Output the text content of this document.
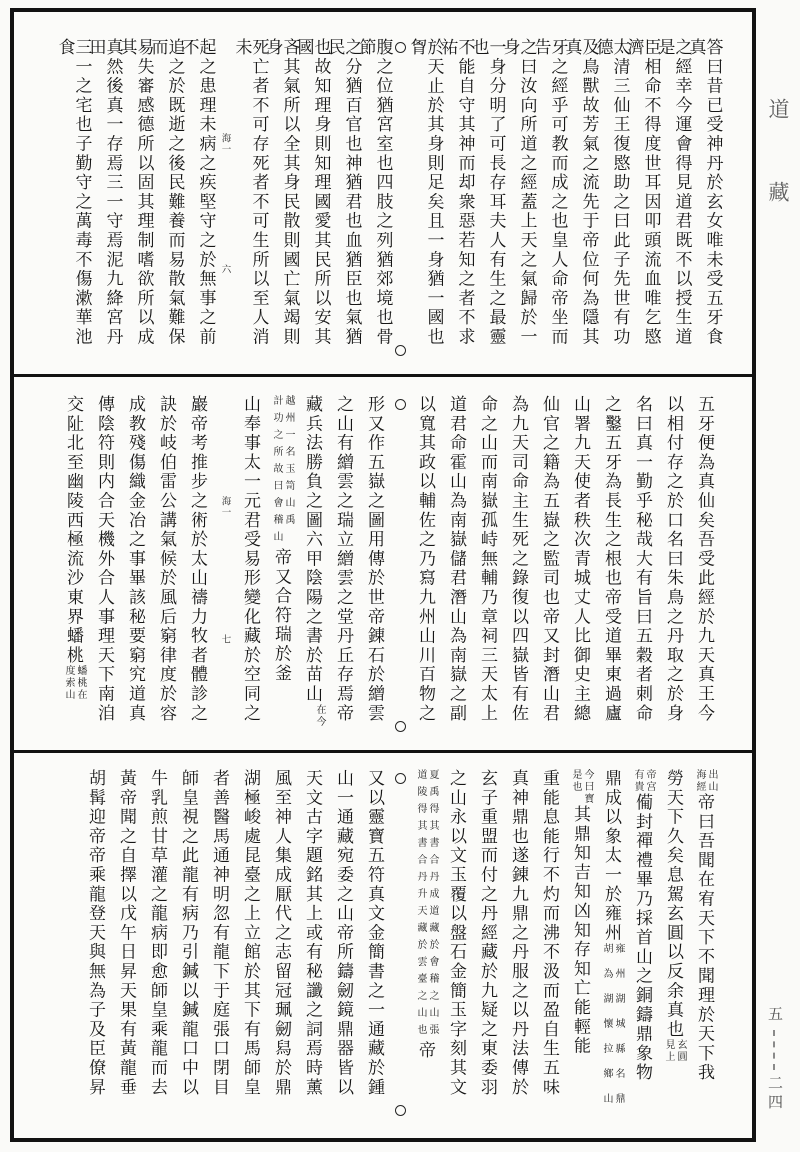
答曰昔已受神丹於玄女唯未受五牙食真
之經幸今運會得見道君既不以授生道是
臣相命不得度世耳因叩頭流血唯乞愍濟
太清三仙王復愍助之曰此子先世有功德
及鳥獸故芳氣之流先于帝位何為隱其真
牙之經乎可教而成之也皇人命帝坐而告
之曰汝向所道之經蓋上天之氣歸於一身
一身分明了可長存耳夫人有生之最靈也
不能自守其神而却衆惡若知之者不求祐
於天止於其身則足矣且一身猶一國也胷
腹之位猶宮室也四肢之列猶郊境也骨節
之分猶百官也神猶君也血猶臣也氣猶民
也故知理身則知理國愛其民所以安其國
吝其氣所以全其身民散則國亡氣竭則身
死亡者不可存死者不可生所以至人消未
海一
六
起之患理未病之疾堅守之於無事之前不
追之於既逝之後民難養而易散氣難保而
易失審感德所以固其理制嗜欲所以成其
真然後真一存焉三一守焉泥九絳宮丹田
三一之宅也子勤守之萬毒不傷漱華池食
五牙便為真仙矣吾受此經於九天真王今
以相付存之於口名曰朱鳥之丹取之於身
名曰真一勤乎秘哉大有旨曰五穀者刺命
之鑿五牙為長生之根也帝受道畢東過廬
山署九天使者秩次青城丈人比御史主總
仙官之籍為五嶽之監司也帝又封潛山君
為九天司命主生死之錄復以四嶽皆有佐
命之山而南嶽孤峙無輔乃章祠三天太上
道君命霍山為南嶽儲君潛山為南嶽之副
以寬其政以輔佐之乃寫九州山川百物之
形又作五嶽之圖用傳於世帝錬石於繒雲
之山有繒雲之瑞立繒雲之堂丹丘存焉帝
藏兵法勝負之圖六甲陰陽之書於苗山
在今
越州一名玉笥山禹
計功之所故曰會稽山
帝又合符瑞於釜
山奉事太一元君受易形變化藏於空同之
海一
七
巖帝考推步之術於太山禱力牧者體診之
訣於岐伯雷公講氣候於風后窮律度於容
成教殘傷織金冶之事畢該秘要窮究道真
傳陰符則内合天機外合人事理天下南洎
交阯北至幽陵西極流沙東界蟠桃
蟠桃在
度索山
出山
海經
帝曰吾聞在宥天下不聞理於天下我
勞天下久矣息駕玄圓以反余真也
玄圓
見上
帝宫
有貴
僃封禪禮畢乃採首山之銅鑄鼎象物
鼎成以象太一於雍州
雍州湖城縣名鼎
胡為湖懷拉鄉山
今曰寳
是也
其鼎知吉知凶知存知亡能輕能
重能息能行不灼而沸不汲而盈自生五味
真神鼎也遂錬九鼎之丹服之以丹法傳於
玄子重盟而付之丹經藏於九疑之東委羽
之山永以文玉覆以盤石金簡玉字刻其文
夏禹得其書合丹成道藏於會稽之山張
道陵得其書合丹升天藏於雲臺之山也
帝
又以靈寶五符真文金簡書之一通藏於鍾
山一通藏宛委之山帝所鑄劒鏡鼎器皆以
天文古字題銘其上或有秘讖之詞焉時薰
風至神人集成厭代之志留冠珮劒舄於鼎
湖極峻處昆臺之上立館於其下有馬師皇
者善醫馬通神明忽有龍下于庭張口閉目
師皇視之此龍有病乃引鍼以鍼龍口中以
牛乳煎甘草灌之龍病即愈師皇乘龍而去
黃帝聞之自擇以戊午日昇天果有黃龍垂
胡髯迎帝帝乘龍登天與無為子及臣僚昇
道藏
五
二四
